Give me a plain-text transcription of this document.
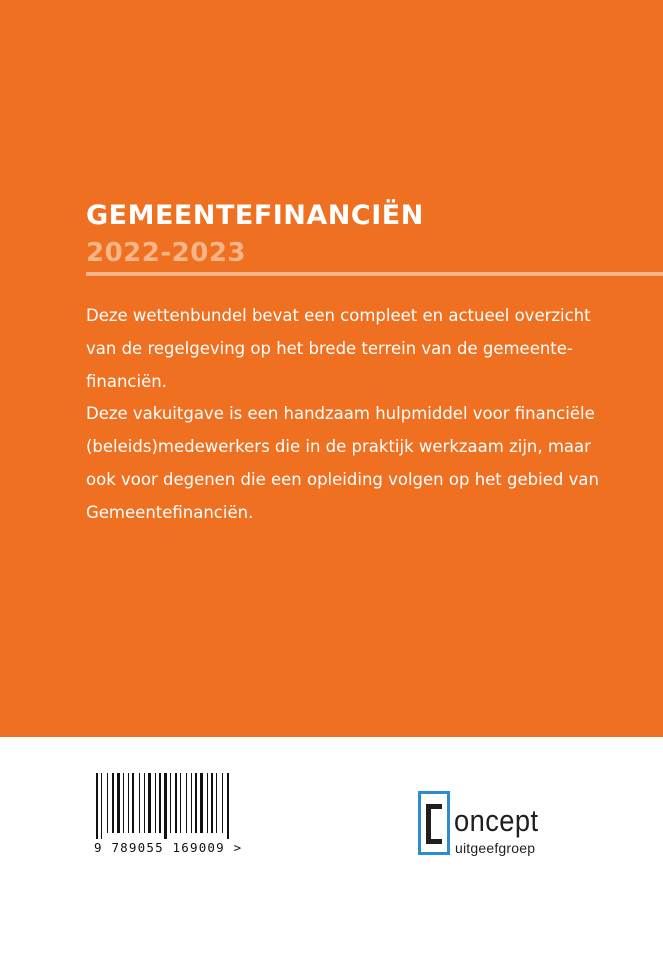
GEMEENTEFINANCIËN
2022-2023

Deze wettenbundel bevat een compleet en actueel overzicht

van de regelgeving op het brede terrein van de gemeente-

financiën.

Deze vakuitgave is een handzaam hulpmiddel voor financiële

(beleids)medewerkers die in de praktijk werkzaam zijn, maar

ook voor degenen die een opleiding volgen op het gebied van

Gemeentefinanciën.

9 789055 169009 >
oncept
uitgeefgroep
